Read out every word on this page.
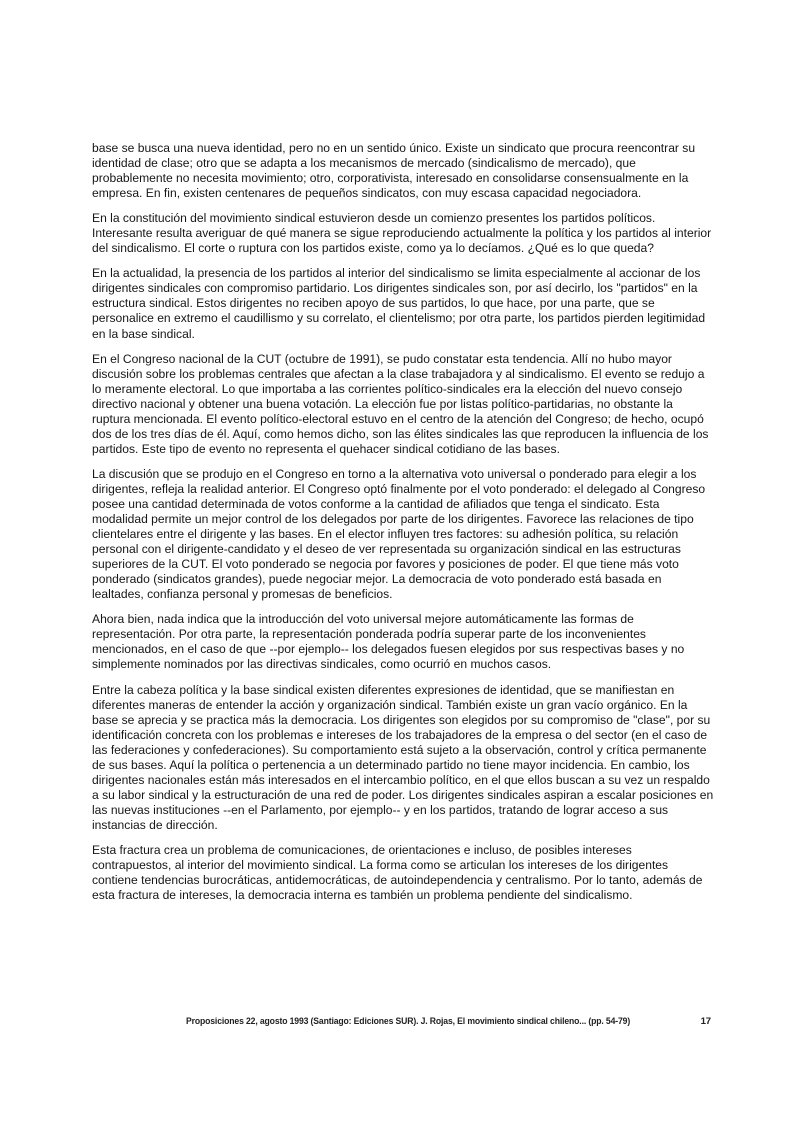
base se busca una nueva identidad, pero no en un sentido único. Existe un sindicato que procura reencontrar su identidad de clase; otro que se adapta a los mecanismos de mercado (sindicalismo de mercado), que probablemente no necesita movimiento; otro, corporativista, interesado en consolidarse consensualmente en la empresa. En fin, existen centenares de pequeños sindicatos, con muy escasa capacidad negociadora.

En la constitución del movimiento sindical estuvieron desde un comienzo presentes los partidos políticos. Interesante resulta averiguar de qué manera se sigue reproduciendo actualmente la política y los partidos al interior del sindicalismo. El corte o ruptura con los partidos existe, como ya lo decíamos. ¿Qué es lo que queda?

En la actualidad, la presencia de los partidos al interior del sindicalismo se limita especialmente al accionar de los dirigentes sindicales con compromiso partidario. Los dirigentes sindicales son, por así decirlo, los "partidos" en la estructura sindical. Estos dirigentes no reciben apoyo de sus partidos, lo que hace, por una parte, que se personalice en extremo el caudillismo y su correlato, el clientelismo; por otra parte, los partidos pierden legitimidad en la base sindical.

En el Congreso nacional de la CUT (octubre de 1991), se pudo constatar esta tendencia. Allí no hubo mayor discusión sobre los problemas centrales que afectan a la clase trabajadora y al sindicalismo. El evento se redujo a lo meramente electoral. Lo que importaba a las corrientes político-sindicales era la elección del nuevo consejo directivo nacional y obtener una buena votación. La elección fue por listas político-partidarias, no obstante la ruptura mencionada. El evento político-electoral estuvo en el centro de la atención del Congreso; de hecho, ocupó dos de los tres días de él. Aquí, como hemos dicho, son las élites sindicales las que reproducen la influencia de los partidos. Este tipo de evento no representa el quehacer sindical cotidiano de las bases.

La discusión que se produjo en el Congreso en torno a la alternativa voto universal o ponderado para elegir a los dirigentes, refleja la realidad anterior. El Congreso optó finalmente por el voto ponderado: el delegado al Congreso posee una cantidad determinada de votos conforme a la cantidad de afiliados que tenga el sindicato. Esta modalidad permite un mejor control de los delegados por parte de los dirigentes. Favorece las relaciones de tipo clientelares entre el dirigente y las bases. En el elector influyen tres factores: su adhesión política, su relación personal con el dirigente-candidato y el deseo de ver representada su organización sindical en las estructuras superiores de la CUT. El voto ponderado se negocia por favores y posiciones de poder. El que tiene más voto ponderado (sindicatos grandes), puede negociar mejor. La democracia de voto ponderado está basada en lealtades, confianza personal y promesas de beneficios.

Ahora bien, nada indica que la introducción del voto universal mejore automáticamente las formas de representación. Por otra parte, la representación ponderada podría superar parte de los inconvenientes mencionados, en el caso de que --por ejemplo-- los delegados fuesen elegidos por sus respectivas bases y no simplemente nominados por las directivas sindicales, como ocurrió en muchos casos.

Entre la cabeza política y la base sindical existen diferentes expresiones de identidad, que se manifiestan en diferentes maneras de entender la acción y organización sindical. También existe un gran vacío orgánico. En la base se aprecia y se practica más la democracia. Los dirigentes son elegidos por su compromiso de "clase", por su identificación concreta con los problemas e intereses de los trabajadores de la empresa o del sector (en el caso de las federaciones y confederaciones). Su comportamiento está sujeto a la observación, control y crítica permanente de sus bases. Aquí la política o pertenencia a un determinado partido no tiene mayor incidencia. En cambio, los dirigentes nacionales están más interesados en el intercambio político, en el que ellos buscan a su vez un respaldo a su labor sindical y la estructuración de una red de poder. Los dirigentes sindicales aspiran a escalar posiciones en las nuevas instituciones --en el Parlamento, por ejemplo-- y en los partidos, tratando de lograr acceso a sus instancias de dirección.

Esta fractura crea un problema de comunicaciones, de orientaciones e incluso, de posibles intereses contrapuestos, al interior del movimiento sindical. La forma como se articulan los intereses de los dirigentes contiene tendencias burocráticas, antidemocráticas, de autoindependencia y centralismo. Por lo tanto, además de esta fractura de intereses, la democracia interna es también un problema pendiente del sindicalismo.

Proposiciones 22, agosto 1993 (Santiago: Ediciones SUR). J. Rojas, El movimiento sindical chileno... (pp. 54-79)	17
